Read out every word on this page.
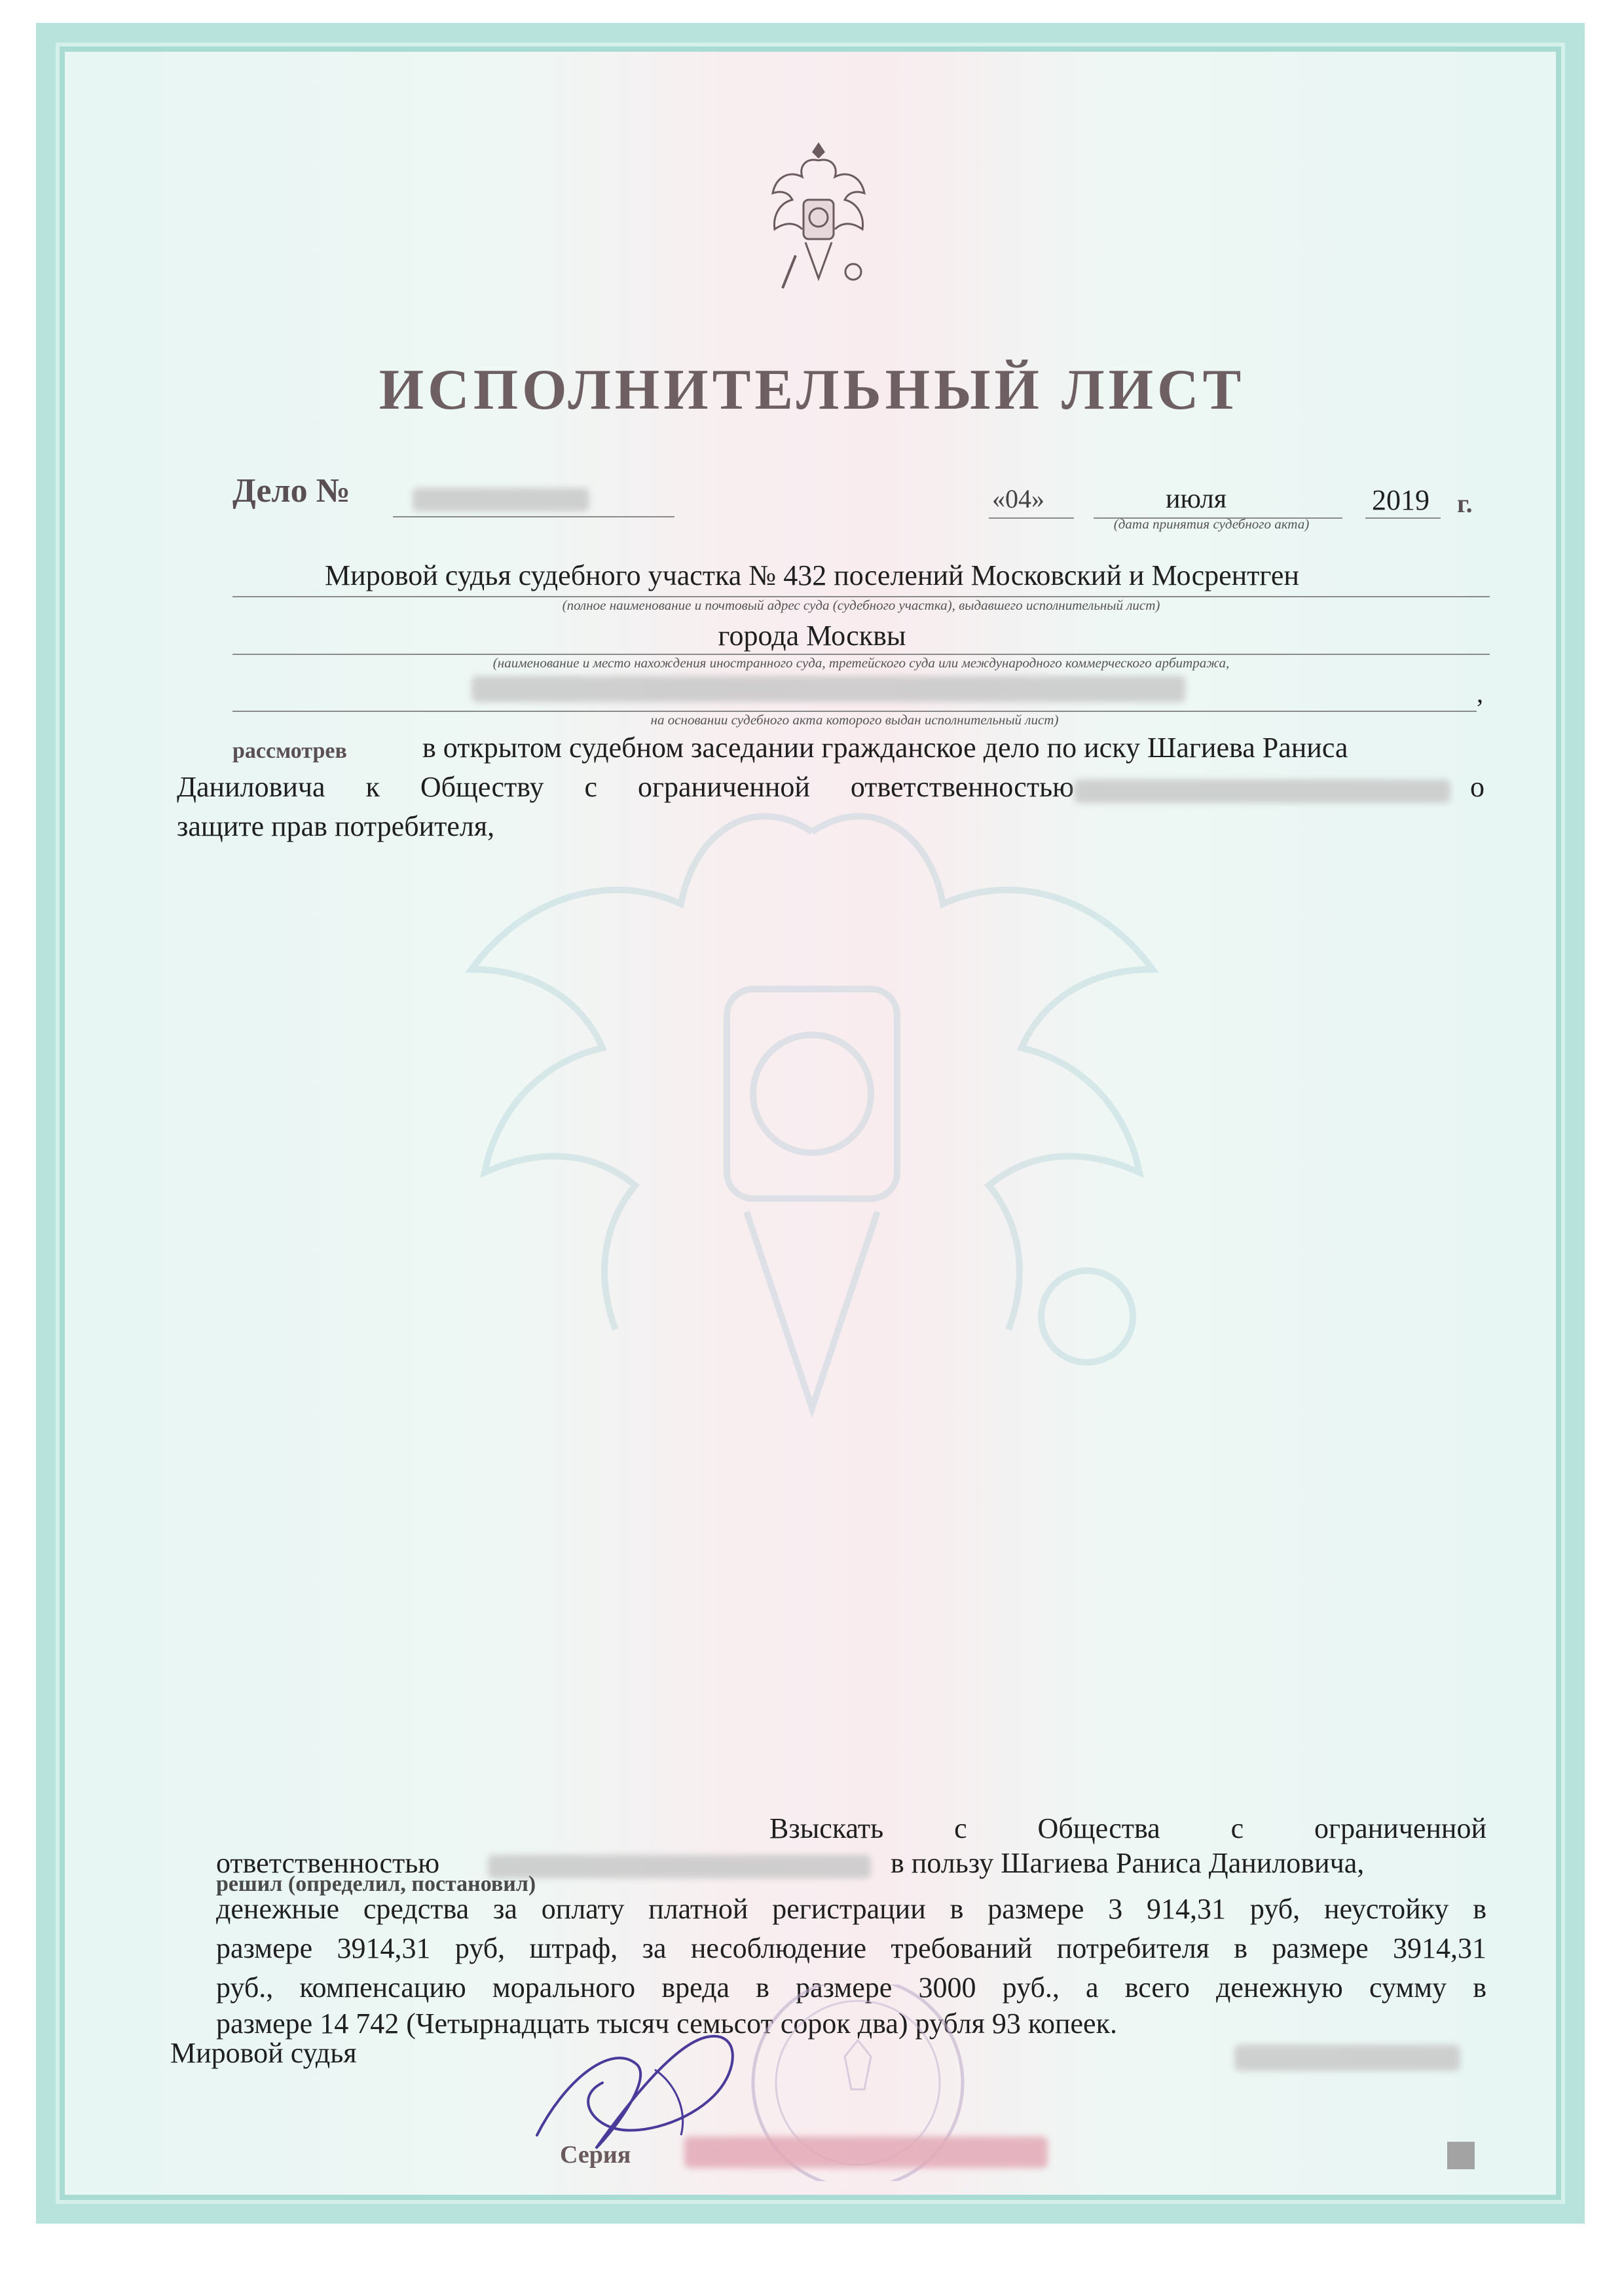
ИСПОЛНИТЕЛЬНЫЙ ЛИСТ
Дело №	«04»	июля	2019 г.
(дата принятия судебного акта)
Мировой судья судебного участка № 432 поселений Московский и Мосрентген
(полное наименование и почтовый адрес суда (судебного участка), выдавшего исполнительный лист)
города Москвы
(наименование и место нахождения иностранного суда, третейского суда или международного коммерческого арбитража,
,
на основании судебного акта которого выдан исполнительный лист)
рассмотрев	в открытом судебном заседании гражданское дело по иску Шагиева Раниса
Даниловича к Обществу с ограниченной ответственностью	о
защите прав потребителя,
Взыскать с Общества с ограниченной
ответственностью	в пользу Шагиева Раниса Даниловича,
решил (определил, постановил)
денежные средства за оплату платной регистрации в размере 3 914,31 руб, неустойку в
размере 3914,31 руб, штраф, за несоблюдение требований потребителя в размере 3914,31
руб., компенсацию морального вреда в размере 3000 руб., а всего денежную сумму в
размере 14 742 (Четырнадцать тысяч семьсот сорок два) рубля 93 копеек.
Мировой судья
Серия
